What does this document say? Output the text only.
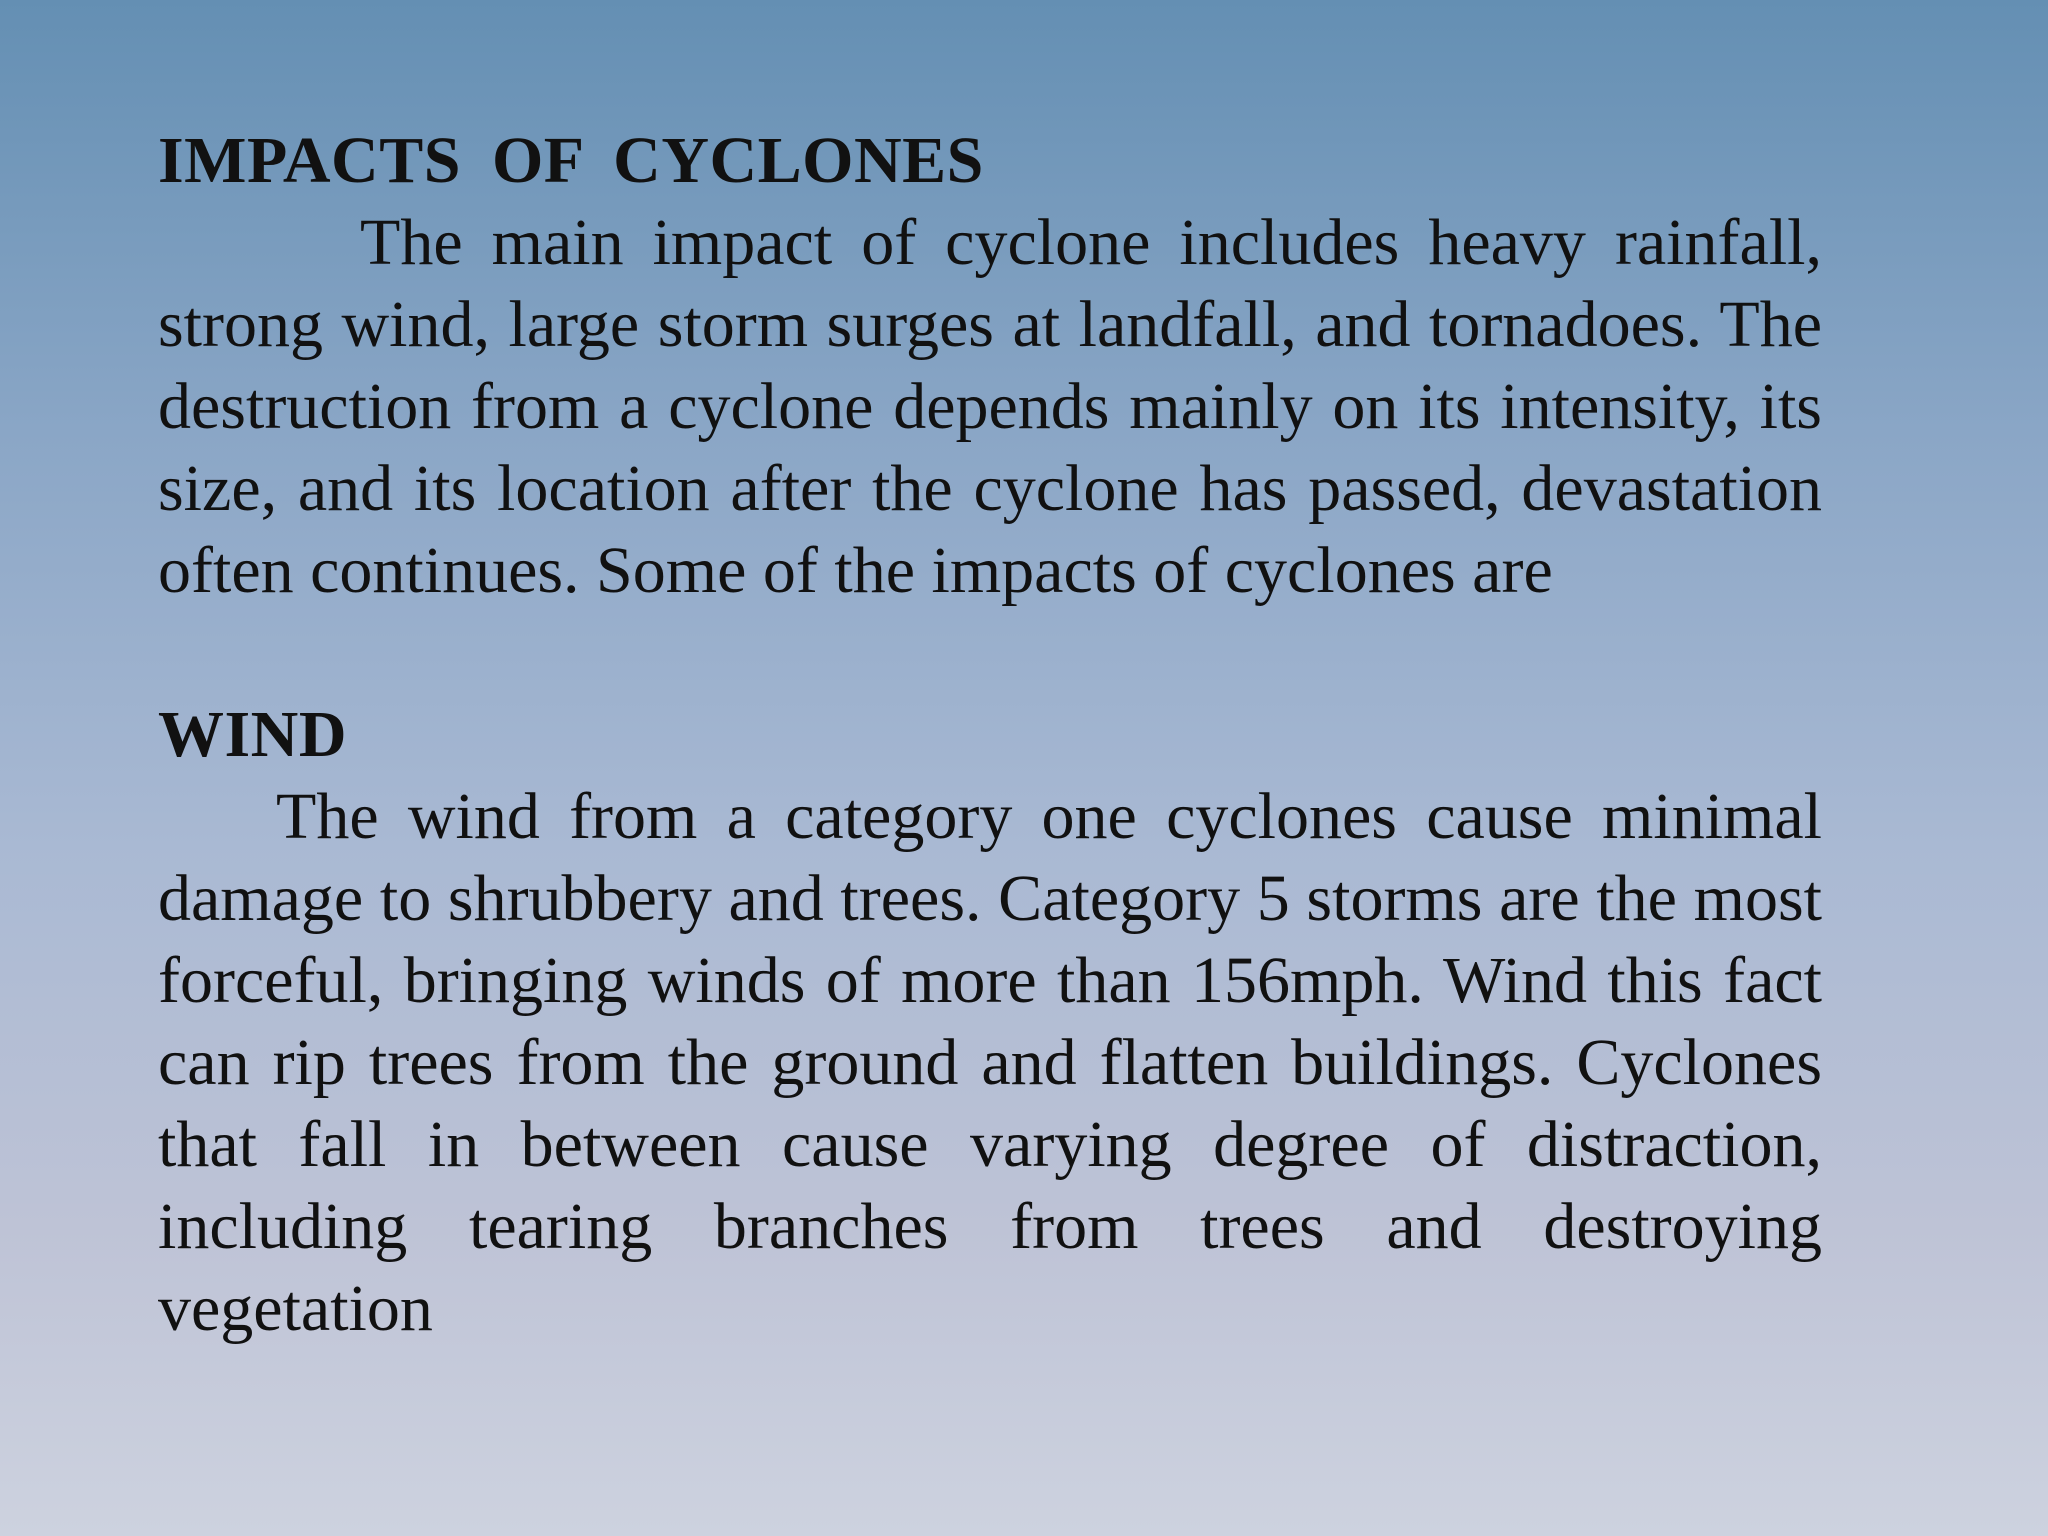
IMPACTS OF CYCLONES

The main impact of cyclone includes heavy rainfall, strong wind, large storm surges at landfall, and tornadoes. The destruction from a cyclone depends mainly on its intensity, its size, and its location after the cyclone has passed, devastation often continues. Some of the impacts of cyclones are

WIND

The wind from a category one cyclones cause minimal damage to shrubbery and trees. Category 5 storms are the most forceful, bringing winds of more than 156mph. Wind this fact can rip trees from the ground and flatten buildings. Cyclones that fall in between cause varying degree of distraction, including tearing branches from trees and destroying vegetation
